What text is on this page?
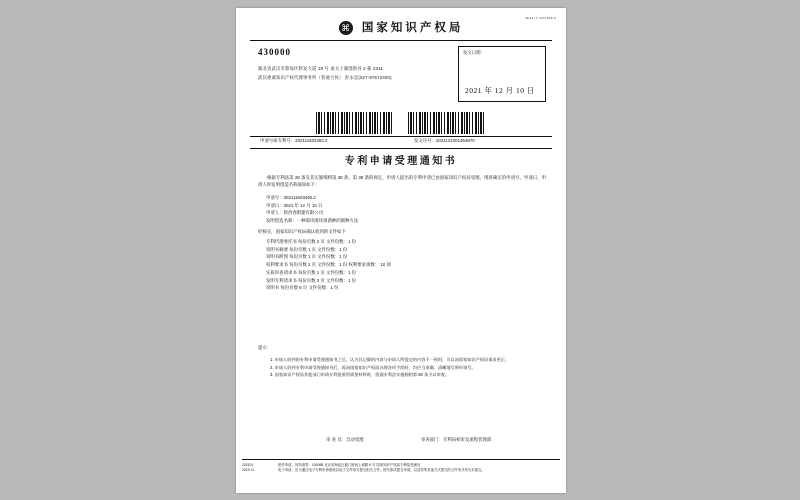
W[21].1.1971918.0
⌘ 国家知识产权局
430000
湖北省武汉市蔡甸区科发大道 18 号 南太子湖创新谷 2 栋 2311
武汉惠诚知识产权代理事务所（普通合伙） 彭永忠(027-87672300)
发文日期：
2021 年 12 月 10 日
申请号或专利号：202111503492.2	发文序号：2021121001354870
专利申请受理通知书
根据专利法第 28 条及其实施细则第 38 条、第 39 条的规定，申请人提出的专利申请已由国家知识产权局受理。现将确定的申请号、申请日、申请人和发明创造名称通知如下：
申请号：202111503492.2
申请日：2021 年 12 月 10 日
申请人：陕西春蔚建有限公司
发明创造名称：一种菊块菌环菌菌种的制种方法
经核实，国家知识产权局确认收到的文件如下：
专利代理委托书 每份页数 2 页 文件份数：1 份
说明书摘要 每份页数 1 页 文件份数：1 份
说明书附图 每份页数 1 页 文件份数：1 份
权利要求书 每份页数 2 页 文件份数：1 份 权利要求项数： 10 项
实质审查请求书 每份页数 1 页 文件份数：1 份
发明专利请求书 每份页数 3 页 文件份数：1 份
说明书 每份页数 8 页 文件份数：1 份
提示：
1. 申请人收到的专利申请受理通知书之后，认为其记载的内容与申请人所提交的内容不一致时，可以向国家知识产权局请求更正。
2. 申请人收到专利申请受理通知书后，再向国家知识产权局办理各项手续时，均应当准确、清晰地写明申请号。
3. 国家知识产权局其他部门申请专利批准所需要材料时，依据专利法实施细则第 50 条予以审查。
审 查 员：自动受理	审查部门：专利局初审及流程管理部
202101
2019.11
纸件申请，回执请寄：100088 北京市海淀区蓟门桥西土城路 6 号 国家知识产权局专利局受理处
电子申请，应当通过电子专利申请系统以电子文件形式提交相关文件。使关系或提交申请，以及将等其他方式提交的文件形式均为未提交。
